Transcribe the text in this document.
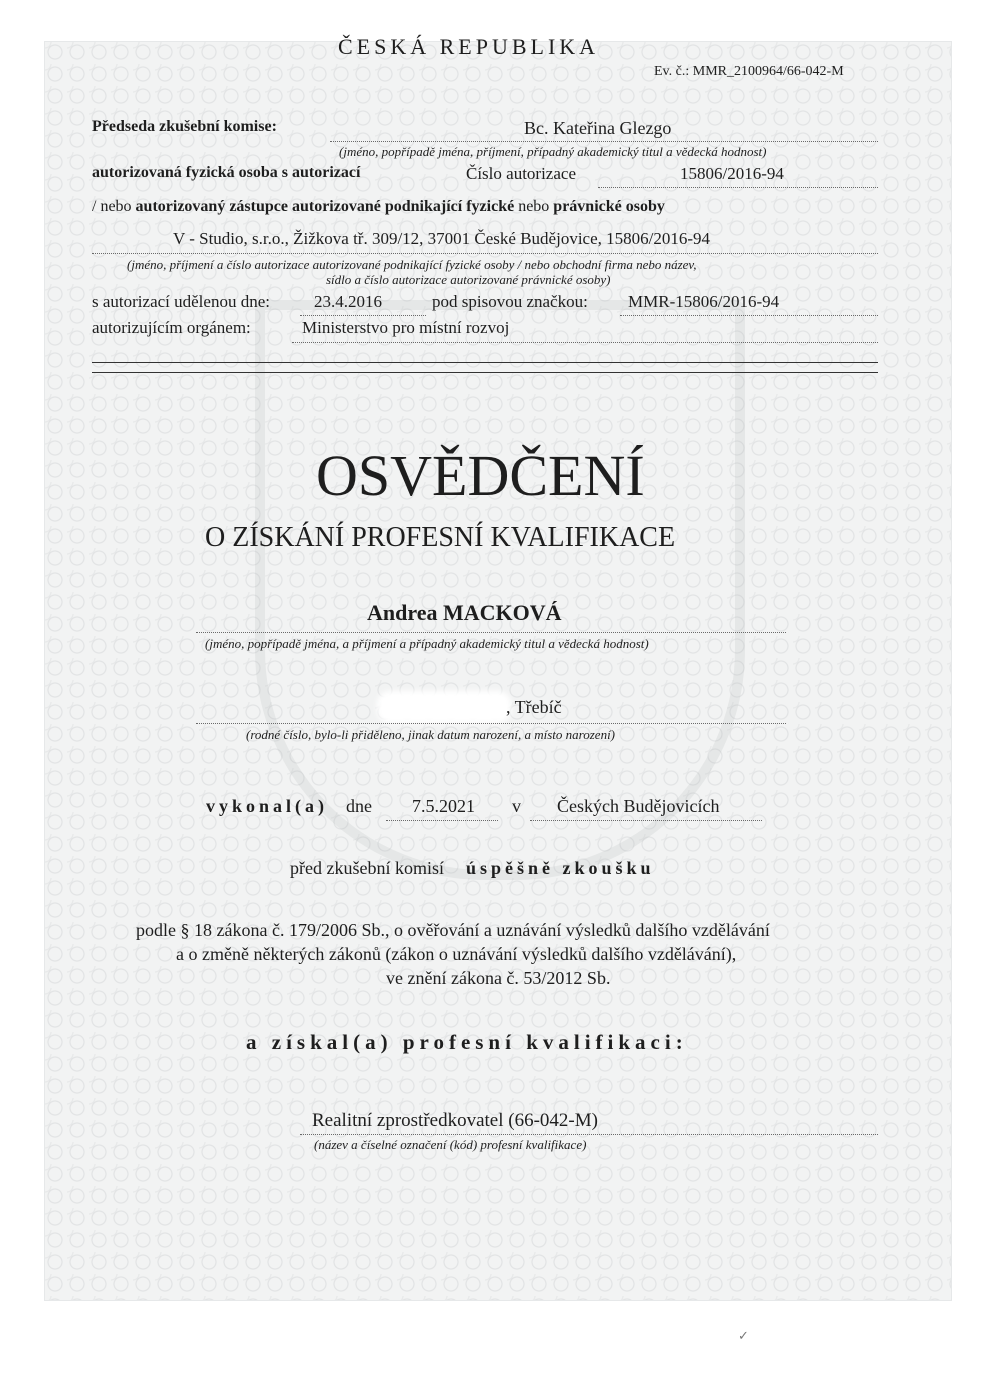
ČESKÁ REPUBLIKA
Ev. č.: MMR_2100964/66-042-M
Předseda zkušební komise:	Bc. Kateřina Glezgo
(jméno, popřípadě jména, příjmení, případný akademický titul a vědecká hodnost)
autorizovaná fyzická osoba s autorizací	Číslo autorizace	15806/2016-94
/ nebo autorizovaný zástupce autorizované podnikající fyzické nebo právnické osoby
V - Studio, s.r.o., Žižkova tř. 309/12, 37001 České Budějovice, 15806/2016-94
(jméno, příjmení a číslo autorizace autorizované podnikající fyzické osoby / nebo obchodní firma nebo název,
sídlo a číslo autorizace autorizované právnické osoby)
s autorizací udělenou dne:	23.4.2016	pod spisovou značkou: MMR-15806/2016-94
autorizujícím orgánem:	Ministerstvo pro místní rozvoj
OSVĚDČENÍ
O ZÍSKÁNÍ PROFESNÍ KVALIFIKACE
Andrea MACKOVÁ
(jméno, popřípadě jména, a příjmení a případný akademický titul a vědecká hodnost)
, Třebíč
(rodné číslo, bylo-li přiděleno, jinak datum narození, a místo narození)
vykonal(a) dne 7.5.2021 v Českých Budějovicích
před zkušební komisí úspěšně zkoušku
podle § 18 zákona č. 179/2006 Sb., o ověřování a uznávání výsledků dalšího vzdělávání
a o změně některých zákonů (zákon o uznávání výsledků dalšího vzdělávání),
ve znění zákona č. 53/2012 Sb.
a získal(a) profesní kvalifikaci:
Realitní zprostředkovatel (66-042-M)
(název a číselné označení (kód) profesní kvalifikace)
✓
